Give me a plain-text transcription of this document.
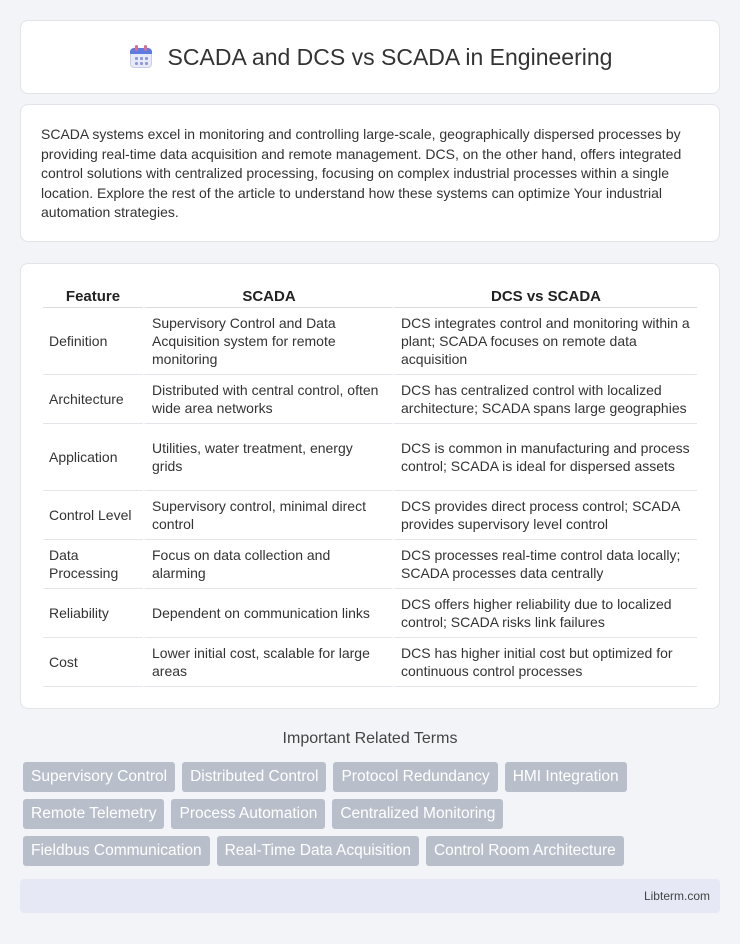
SCADA and DCS vs SCADA in Engineering

SCADA systems excel in monitoring and controlling large-scale, geographically dispersed processes by providing real-time data acquisition and remote management. DCS, on the other hand, offers integrated control solutions with centralized processing, focusing on complex industrial processes within a single location. Explore the rest of the article to understand how these systems can optimize Your industrial automation strategies.

Feature	SCADA	DCS vs SCADA
Definition	Supervisory Control and Data Acquisition system for remote monitoring	DCS integrates control and monitoring within a plant; SCADA focuses on remote data acquisition
Architecture	Distributed with central control, often wide area networks	DCS has centralized control with localized architecture; SCADA spans large geographies
Application	Utilities, water treatment, energy grids	DCS is common in manufacturing and process control; SCADA is ideal for dispersed assets
Control Level	Supervisory control, minimal direct control	DCS provides direct process control; SCADA provides supervisory level control
Data Processing	Focus on data collection and alarming	DCS processes real-time control data locally; SCADA processes data centrally
Reliability	Dependent on communication links	DCS offers higher reliability due to localized control; SCADA risks link failures
Cost	Lower initial cost, scalable for large areas	DCS has higher initial cost but optimized for continuous control processes
Important Related Terms
Supervisory Control	Distributed Control	Protocol Redundancy	HMI Integration
Remote Telemetry	Process Automation	Centralized Monitoring
Fieldbus Communication	Real-Time Data Acquisition	Control Room Architecture
Libterm.com
